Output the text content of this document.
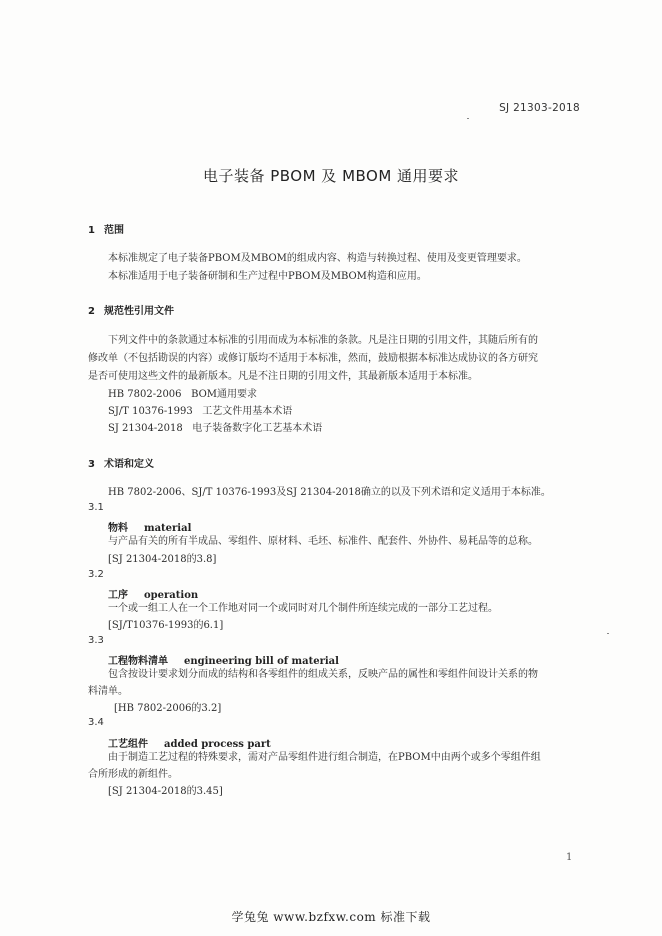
SJ 21303-2018
电子装备 PBOM 及 MBOM 通用要求
1 范围
本标准规定了电子装备PBOM及MBOM的组成内容、构造与转换过程、使用及变更管理要求。
本标准适用于电子装备研制和生产过程中PBOM及MBOM构造和应用。
2 规范性引用文件
下列文件中的条款通过本标准的引用而成为本标准的条款。凡是注日期的引用文件，其随后所有的
修改单（不包括勘误的内容）或修订版均不适用于本标准，然而，鼓励根据本标准达成协议的各方研究
是否可使用这些文件的最新版本。凡是不注日期的引用文件，其最新版本适用于本标准。
HB 7802-2006 BOM通用要求
SJ/T 10376-1993 工艺文件用基本术语
SJ 21304-2018 电子装备数字化工艺基本术语
3 术语和定义
HB 7802-2006、SJ/T 10376-1993及SJ 21304-2018确立的以及下列术语和定义适用于本标准。
3.1
物料 material
与产品有关的所有半成品、零组件、原材料、毛坯、标准件、配套件、外协件、易耗品等的总称。
[SJ 21304-2018的3.8]
3.2
工序 operation
一个或一组工人在一个工作地对同一个或同时对几个制件所连续完成的一部分工艺过程。
[SJ/T10376-1993的6.1]
3.3
工程物料清单 engineering bill of material
包含按设计要求划分而成的结构和各零组件的组成关系，反映产品的属性和零组件间设计关系的物
料清单。
[HB 7802-2006的3.2]
3.4
工艺组件 added process part
由于制造工艺过程的特殊要求，需对产品零组件进行组合制造，在PBOM中由两个或多个零组件组
合所形成的新组件。
[SJ 21304-2018的3.45]
1
学兔兔 www.bzfxw.com 标准下载
